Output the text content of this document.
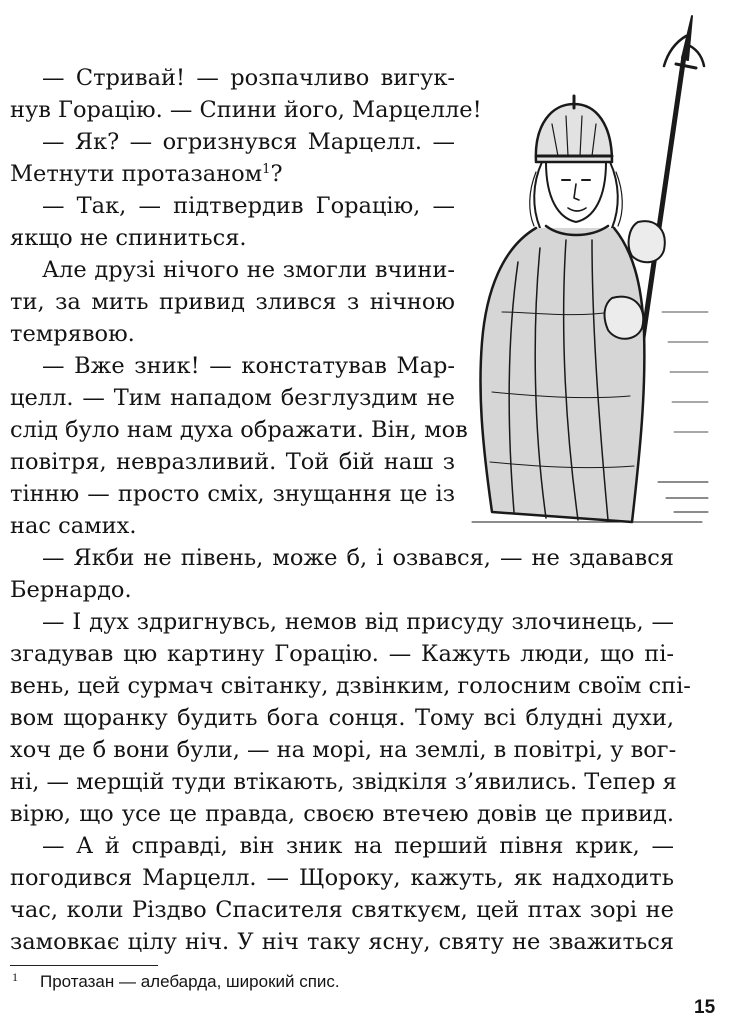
— Стривай! — розпачливо вигук-
нув Горацію. — Спини його, Марцелле!
— Як? — огризнувся Марцелл. —
Метнути протазаном$^1$?
— Так, — підтвердив Горацію, —
якщо не спиниться.
Але друзі нічого не змогли вчини-
ти, за мить привид злився з нічною
темрявою.
— Вже зник! — констатував Мар-
целл. — Тим нападом безглуздим не
слід було нам духа ображати. Він, мов
повітря, невразливий. Той бій наш з
тінню — просто сміх, знущання це із
нас самих.
— Якби не півень, може б, і озвався, — не здавався
Бернардо.
— І дух здригнувсь, немов від присуду злочинець, —
згадував цю картину Горацію. — Кажуть люди, що пі-
вень, цей сурмач світанку, дзвінким, голосним своїм спі-
вом щоранку будить бога сонця. Тому всі блудні духи,
хоч де б вони були, — на морі, на землі, в повітрі, у вог-
ні, — мерщій туди втікають, звідкіля з’явились. Тепер я
вірю, що усе це правда, своєю втечею довів це привид.
— А й справді, він зник на перший півня крик, —
погодився Марцелл. — Щороку, кажуть, як надходить
час, коли Різдво Спасителя святкуєм, цей птах зорі не
замовкає цілу ніч. У ніч таку ясну, святу не зважиться
1 Протазан — алебарда, широкий спис.
15
